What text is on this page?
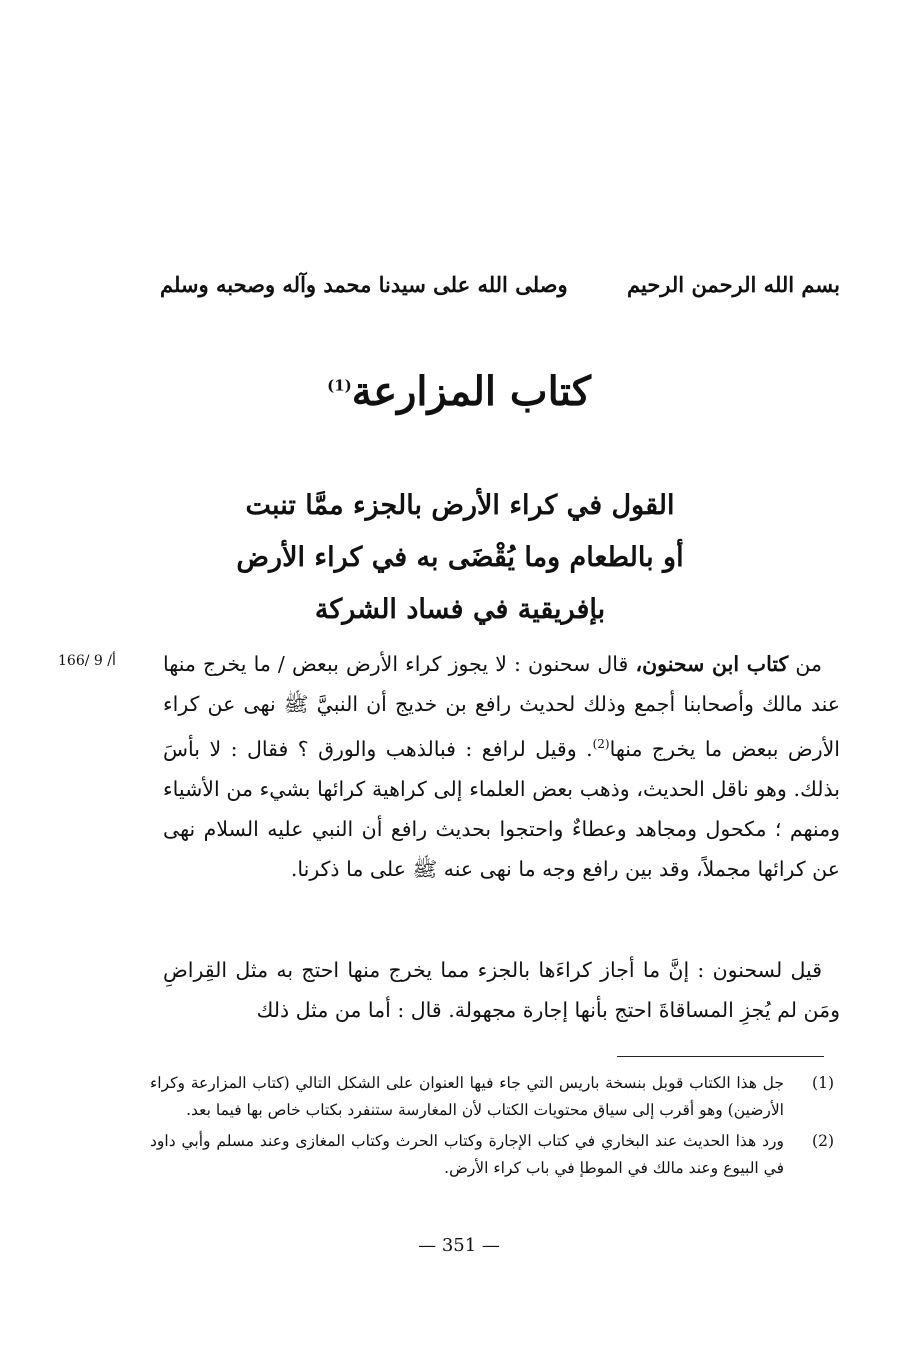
بسم الله الرحمن الرحيم
وصلى الله على سيدنا محمد وآله وصحبه وسلم
كتاب المزارعة$^{(1)}$
القول في كراء الأرض بالجزء ممَّا تنبت
أو بالطعام وما يُقْضَى به في كراء الأرض
بإفريقية في فساد الشركة
أ/ 9 /166	من كتاب ابن سحنون، قال سحنون : لا يجوز كراء الأرض ببعض / ما يخرج منها عند مالك وأصحابنا أجمع وذلك لحديث رافع بن خديج أن النبيَّ ﷺ نهى عن كراء الأرض ببعض ما يخرج منها$^{(2)}$. وقيل لرافع : فبالذهب والورق ؟ فقال : لا بأسَ بذلك. وهو ناقل الحديث، وذهب بعض العلماء إلى كراهية كرائها بشيء من الأشياء ومنهم ؛ مكحول ومجاهد وعطاءٌ واحتجوا بحديث رافع أن النبي عليه السلام نهى عن كرائها مجملاً، وقد بين رافع وجه ما نهى عنه ﷺ على ما ذكرنا.
قيل لسحنون : إنَّ ما أجاز كراءَها بالجزء مما يخرج منها احتج به مثل القِراضِ ومَن لم يُجزِ المساقاةَ احتج بأنها إجارة مجهولة. قال : أما من مثل ذلك
(1)
جل هذا الكتاب قوبل بنسخة باريس التي جاء فيها العنوان على الشكل التالي (كتاب المزارعة وكراء الأرضين) وهو أقرب إلى سياق محتويات الكتاب لأن المغارسة ستنفرد بكتاب خاص بها فيما بعد.
(2)
ورد هذا الحديث عند البخاري في كتاب الإجارة وكتاب الحرث وكتاب المغازى وعند مسلم وأبي داود في البيوع وعند مالك في الموطإ في باب كراء الأرض.
— 351 —
